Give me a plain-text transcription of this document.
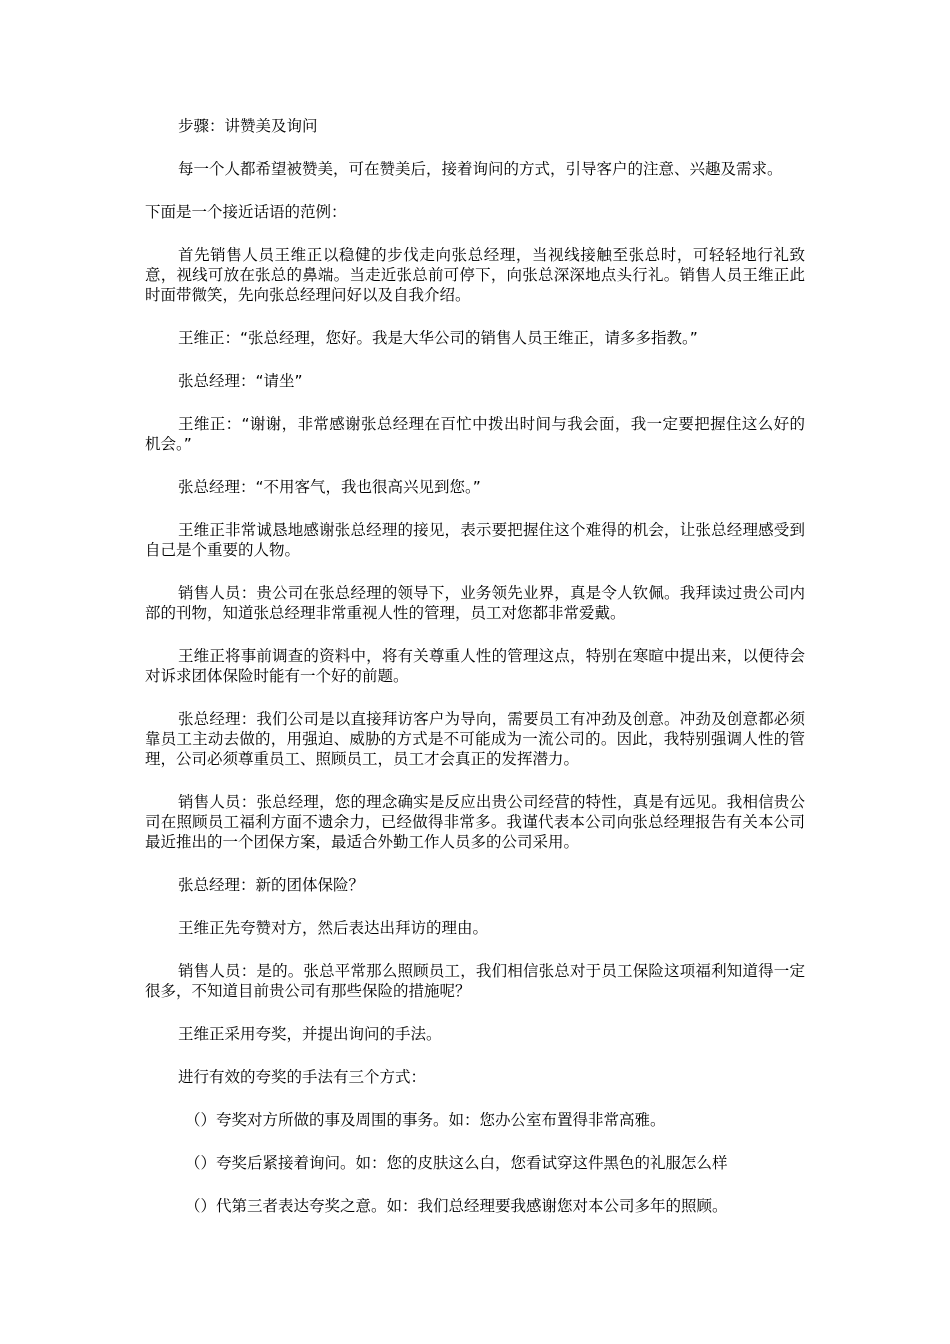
步骤：讲赞美及询问

每一个人都希望被赞美，可在赞美后，接着询问的方式，引导客户的注意、兴趣及需求。

下面是一个接近话语的范例：

首先销售人员王维正以稳健的步伐走向张总经理，当视线接触至张总时，可轻轻地行礼致意，视线可放在张总的鼻端。当走近张总前可停下，向张总深深地点头行礼。销售人员王维正此时面带微笑，先向张总经理问好以及自我介绍。

王维正：“张总经理，您好。我是大华公司的销售人员王维正，请多多指教。”

张总经理：“请坐”

王维正：“谢谢，非常感谢张总经理在百忙中拨出时间与我会面，我一定要把握住这么好的机会。”

张总经理：“不用客气，我也很高兴见到您。”

王维正非常诚恳地感谢张总经理的接见，表示要把握住这个难得的机会，让张总经理感受到自己是个重要的人物。

销售人员：贵公司在张总经理的领导下，业务领先业界，真是令人钦佩。我拜读过贵公司内部的刊物，知道张总经理非常重视人性的管理，员工对您都非常爱戴。

王维正将事前调查的资料中，将有关尊重人性的管理这点，特别在寒暄中提出来，以便待会对诉求团体保险时能有一个好的前题。

张总经理：我们公司是以直接拜访客户为导向，需要员工有冲劲及创意。冲劲及创意都必须靠员工主动去做的，用强迫、威胁的方式是不可能成为一流公司的。因此，我特别强调人性的管理，公司必须尊重员工、照顾员工，员工才会真正的发挥潜力。

销售人员：张总经理，您的理念确实是反应出贵公司经营的特性，真是有远见。我相信贵公司在照顾员工福利方面不遗余力，已经做得非常多。我谨代表本公司向张总经理报告有关本公司最近推出的一个团保方案，最适合外勤工作人员多的公司采用。

张总经理：新的团体保险？

王维正先夸赞对方，然后表达出拜访的理由。

销售人员：是的。张总平常那么照顾员工，我们相信张总对于员工保险这项福利知道得一定很多，不知道目前贵公司有那些保险的措施呢？

王维正采用夸奖，并提出询问的手法。

进行有效的夸奖的手法有三个方式：

（）夸奖对方所做的事及周围的事务。如：您办公室布置得非常高雅。

（）夸奖后紧接着询问。如：您的皮肤这么白，您看试穿这件黑色的礼服怎么样

（）代第三者表达夸奖之意。如：我们总经理要我感谢您对本公司多年的照顾。
